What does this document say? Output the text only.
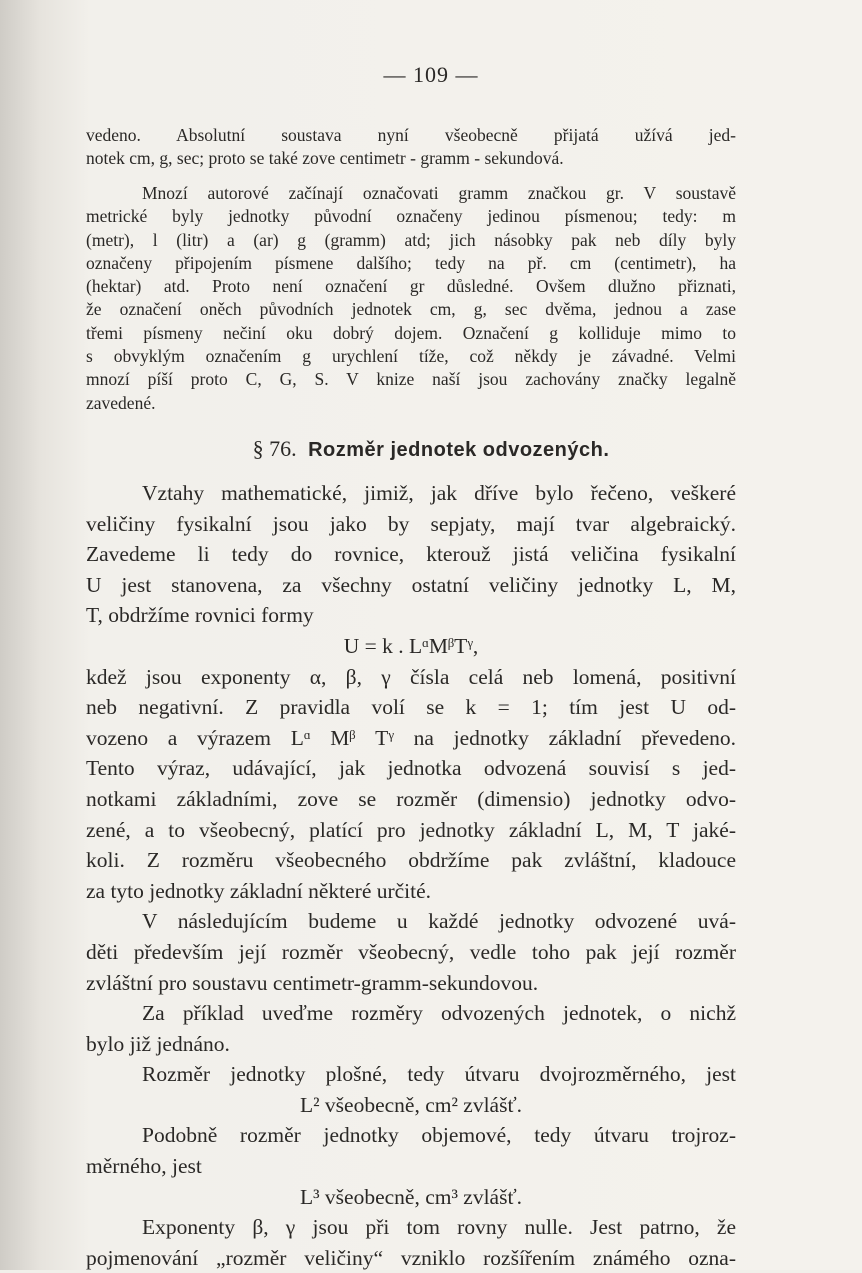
— 109 —
vedeno. Absolutní soustava nyní všeobecně přijatá užívá jed-
notek cm, g, sec; proto se také zove centimetr - gramm - sekundová.
Mnozí autorové začínají označovati gramm značkou gr. V soustavě
metrické byly jednotky původní označeny jedinou písmenou; tedy: m
(metr), l (litr) a (ar) g (gramm) atd; jich násobky pak neb díly byly
označeny připojením písmene dalšího; tedy na př. cm (centimetr), ha
(hektar) atd. Proto není označení gr důsledné. Ovšem dlužno přiznati,
že označení oněch původních jednotek cm, g, sec dvěma, jednou a zase
třemi písmeny nečiní oku dobrý dojem. Označení g kolliduje mimo to
s obvyklým označením g urychlení tíže, což někdy je závadné. Velmi
mnozí píší proto C, G, S. V knize naší jsou zachovány značky legalně
zavedené.
§ 76. Rozměr jednotek odvozených.
Vztahy mathematické, jimiž, jak dříve bylo řečeno, veškeré
veličiny fysikalní jsou jako by sepjaty, mají tvar algebraický.
Zavedeme li tedy do rovnice, kterouž jistá veličina fysikalní
U jest stanovena, za všechny ostatní veličiny jednotky L, M,
T, obdržíme rovnici formy
U = k . LᵅMᵝTᵞ,
kdež jsou exponenty α, β, γ čísla celá neb lomená, positivní
neb negativní. Z pravidla volí se k = 1; tím jest U od-
vozeno a výrazem Lᵅ Mᵝ Tᵞ na jednotky základní převedeno.
Tento výraz, udávající, jak jednotka odvozená souvisí s jed-
notkami základními, zove se rozměr (dimensio) jednotky odvo-
zené, a to všeobecný, platící pro jednotky základní L, M, T jaké-
koli. Z rozměru všeobecného obdržíme pak zvláštní, kladouce
za tyto jednotky základní některé určité.
V následujícím budeme u každé jednotky odvozené uvá-
děti především její rozměr všeobecný, vedle toho pak její rozměr
zvláštní pro soustavu centimetr-gramm-sekundovou.
Za příklad uveďme rozměry odvozených jednotek, o nichž
bylo již jednáno.
Rozměr jednotky plošné, tedy útvaru dvojrozměrného, jest
L² všeobecně, cm² zvlášť.
Podobně rozměr jednotky objemové, tedy útvaru trojroz-
měrného, jest
L³ všeobecně, cm³ zvlášť.
Exponenty β, γ jsou při tom rovny nulle. Jest patrno, že
pojmenování „rozměr veličiny“ vzniklo rozšířením známého ozna-
